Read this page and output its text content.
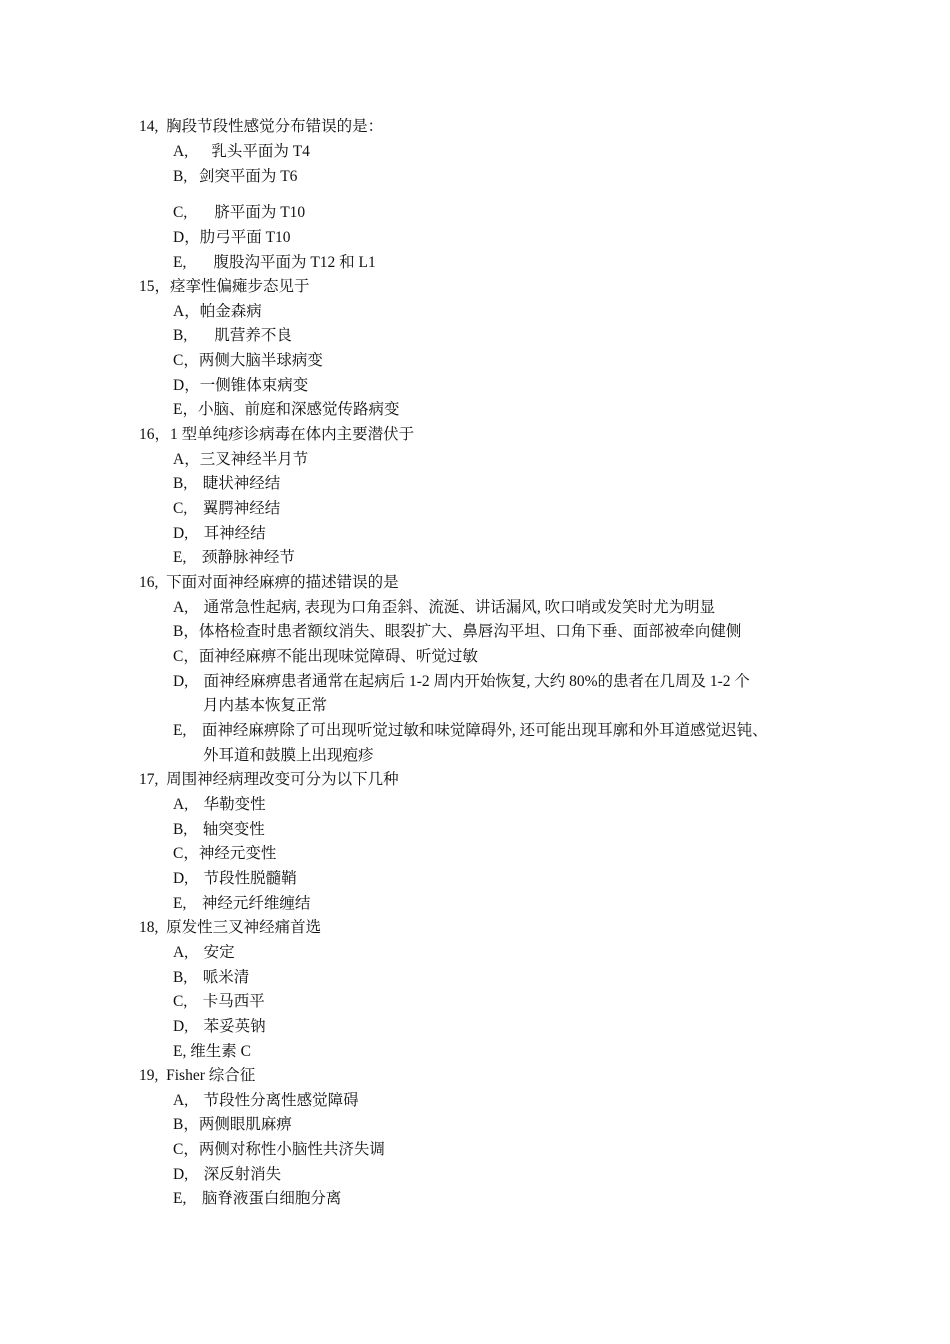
14,  胸段节段性感觉分布错误的是：
A,      乳头平面为 T4
B,   剑突平面为 T6
C,       脐平面为 T10
D，肋弓平面 T10
E,       腹股沟平面为 T12 和 L1
15，痉挛性偏瘫步态见于
A，帕金森病
B,       肌营养不良
C，两侧大脑半球病变
D，一侧锥体束病变
E，小脑、前庭和深感觉传路病变
16，1 型单纯疹诊病毒在体内主要潜伏于
A，三叉神经半月节
B,    睫状神经结
C,    翼腭神经结
D,    耳神经结
E,    颈静脉神经节
16,  下面对面神经麻痹的描述错误的是
A,    通常急性起病, 表现为口角歪斜、流涎、讲话漏风, 吹口哨或发笑时尤为明显
B，体格检查时患者额纹消失、眼裂扩大、鼻唇沟平坦、口角下垂、面部被牵向健侧
C，面神经麻痹不能出现味觉障碍、听觉过敏
D,    面神经麻痹患者通常在起病后 1-2 周内开始恢复, 大约 80%的患者在几周及 1-2 个
月内基本恢复正常
E,    面神经麻痹除了可出现听觉过敏和味觉障碍外, 还可能出现耳廓和外耳道感觉迟钝、
外耳道和鼓膜上出现疱疹
17,  周围神经病理改变可分为以下几种
A,    华勒变性
B,    轴突变性
C，神经元变性
D,    节段性脱髓鞘
E,    神经元纤维缠结
18,  原发性三叉神经痛首选
A,    安定
B,    哌米清
C,    卡马西平
D,    苯妥英钠
E, 维生素 C
19,  Fisher 综合征
A,    节段性分离性感觉障碍
B，两侧眼肌麻痹
C，两侧对称性小脑性共济失调
D,    深反射消失
E,    脑脊液蛋白细胞分离
